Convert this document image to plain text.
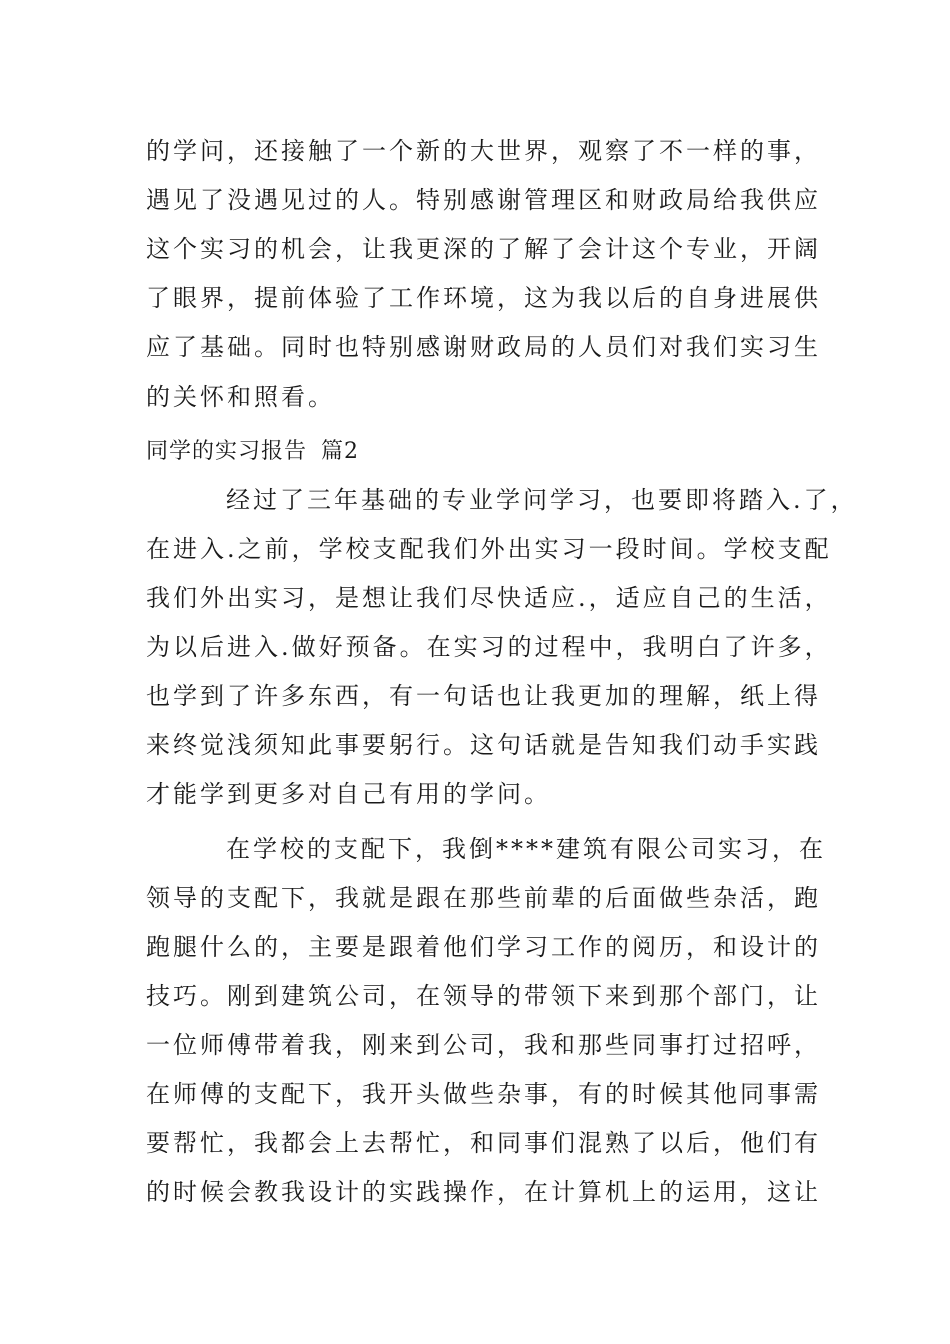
的学问，还接触了一个新的大世界，观察了不一样的事，
遇见了没遇见过的人。特别感谢管理区和财政局给我供应
这个实习的机会，让我更深的了解了会计这个专业，开阔
了眼界，提前体验了工作环境，这为我以后的自身进展供
应了基础。同时也特别感谢财政局的人员们对我们实习生
的关怀和照看。
同学的实习报告 篇2
经过了三年基础的专业学问学习，也要即将踏入.了，
在进入.之前，学校支配我们外出实习一段时间。学校支配
我们外出实习，是想让我们尽快适应.，适应自己的生活，
为以后进入.做好预备。在实习的过程中，我明白了许多，
也学到了许多东西，有一句话也让我更加的理解，纸上得
来终觉浅须知此事要躬行。这句话就是告知我们动手实践
才能学到更多对自己有用的学问。
在学校的支配下，我倒****建筑有限公司实习，在
领导的支配下，我就是跟在那些前辈的后面做些杂活，跑
跑腿什么的，主要是跟着他们学习工作的阅历，和设计的
技巧。刚到建筑公司，在领导的带领下来到那个部门，让
一位师傅带着我，刚来到公司，我和那些同事打过招呼，
在师傅的支配下，我开头做些杂事，有的时候其他同事需
要帮忙，我都会上去帮忙，和同事们混熟了以后，他们有
的时候会教我设计的实践操作，在计算机上的运用，这让
